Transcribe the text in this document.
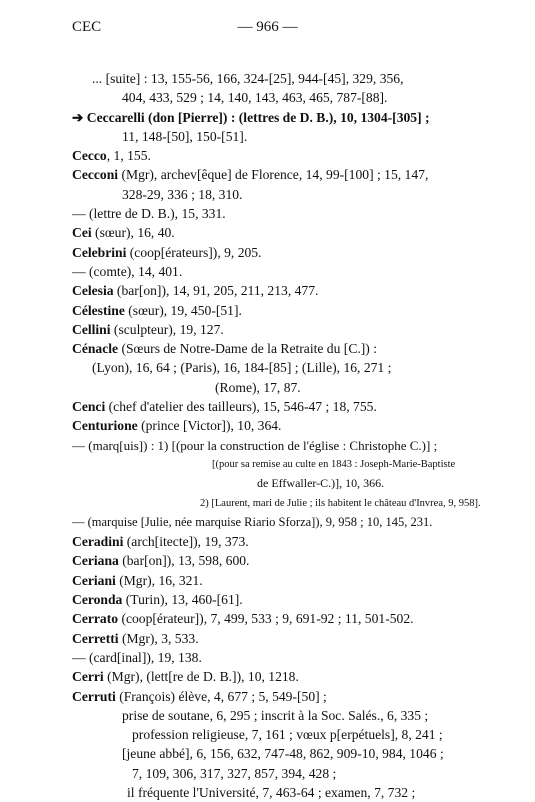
CEC	— 966 —
... [suite] : 13, 155-56, 166, 324-[25], 944-[45], 329, 356,
404, 433, 529 ; 14, 140, 143, 463, 465, 787-[88].
➔ Ceccarelli (don [Pierre]) : (lettres de D. B.), 10, 1304-[305] ;
11, 148-[50], 150-[51].
Cecco, 1, 155.
Cecconi (Mgr), archev[êque] de Florence, 14, 99-[100] ; 15, 147,
328-29, 336 ; 18, 310.
— (lettre de D. B.), 15, 331.
Cei (sœur), 16, 40.
Celebrini (coop[érateurs]), 9, 205.
— (comte), 14, 401.
Celesia (bar[on]), 14, 91, 205, 211, 213, 477.
Célestine (sœur), 19, 450-[51].
Cellini (sculpteur), 19, 127.
Cénacle (Sœurs de Notre-Dame de la Retraite du [C.]) :
(Lyon), 16, 64 ; (Paris), 16, 184-[85] ; (Lille), 16, 271 ;
(Rome), 17, 87.
Cenci (chef d'atelier des tailleurs), 15, 546-47 ; 18, 755.
Centurione (prince [Victor]), 10, 364.
— (marq[uis]) : 1) [(pour la construction de l'église : Christophe C.)] ;
[(pour sa remise au culte en 1843 : Joseph-Marie-Baptiste
de Effwaller-C.)], 10, 366.
2) [Laurent, mari de Julie ; ils habitent le château d'Invrea, 9, 958].
— (marquise [Julie, née marquise Riario Sforza]), 9, 958 ; 10, 145, 231.
Ceradini (arch[itecte]), 19, 373.
Ceriana (bar[on]), 13, 598, 600.
Ceriani (Mgr), 16, 321.
Ceronda (Turin), 13, 460-[61].
Cerrato (coop[érateur]), 7, 499, 533 ; 9, 691-92 ; 11, 501-502.
Cerretti (Mgr), 3, 533.
— (card[inal]), 19, 138.
Cerri (Mgr), (lett[re de D. B.]), 10, 1218.
Cerruti (François) élève, 4, 677 ; 5, 549-[50] ;
prise de soutane, 6, 295 ; inscrit à la Soc. Salés., 6, 335 ;
profession religieuse, 7, 161 ; vœux p[erpétuels], 8, 241 ;
[jeune abbé], 6, 156, 632, 747-48, 862, 909-10, 984, 1046 ;
7, 109, 306, 317, 327, 857, 394, 428 ;
il fréquente l'Université, 7, 463-64 ; examen, 7, 732 ;
